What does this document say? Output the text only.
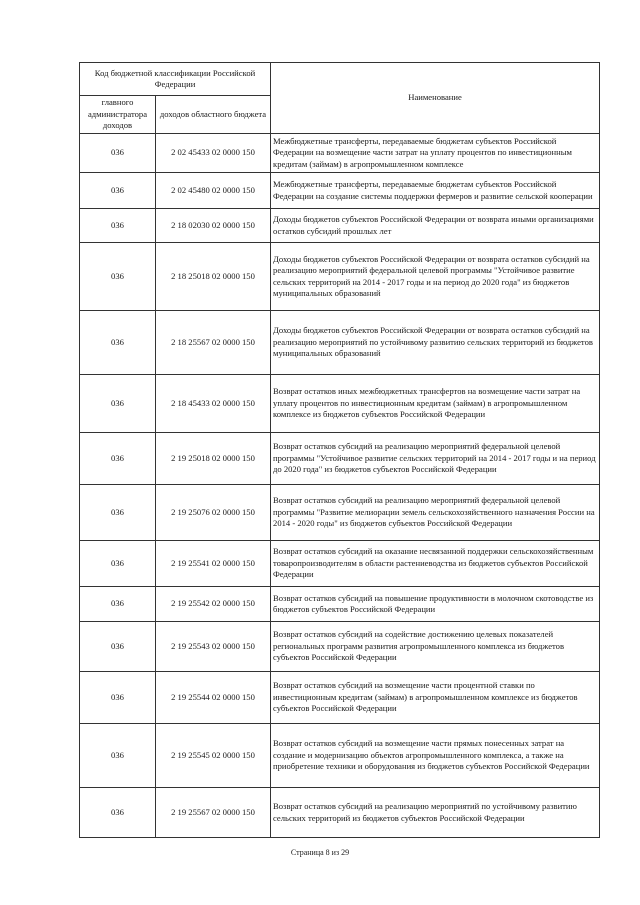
Код бюджетной классификации Российской Федерации		Наименование
главного администратора доходов	доходов областного бюджета	
036	2 02 45433 02 0000 150	Межбюджетные трансферты, передаваемые бюджетам субъектов Российской Федерации на возмещение части затрат на уплату процентов по инвестиционным кредитам (займам) в агропромышленном комплексе
036	2 02 45480 02 0000 150	Межбюджетные трансферты, передаваемые бюджетам субъектов Российской Федерации на создание системы поддержки фермеров и развитие сельской кооперации
036	2 18 02030 02 0000 150	Доходы бюджетов субъектов Российской Федерации от возврата иными организациями остатков субсидий прошлых лет
036	2 18 25018 02 0000 150	Доходы бюджетов субъектов Российской Федерации от возврата остатков субсидий на реализацию мероприятий федеральной целевой программы "Устойчивое развитие сельских территорий на 2014 - 2017 годы и на период до 2020 года" из бюджетов муниципальных образований
036	2 18 25567 02 0000 150	Доходы бюджетов субъектов Российской Федерации от возврата остатков субсидий на реализацию мероприятий по устойчивому развитию сельских территорий из бюджетов муниципальных образований
036	2 18 45433 02 0000 150	Возврат остатков иных межбюджетных трансфертов на возмещение части затрат на уплату процентов по инвестиционным кредитам (займам) в агропромышленном комплексе из бюджетов субъектов Российской Федерации
036	2 19 25018 02 0000 150	Возврат остатков субсидий на реализацию мероприятий федеральной целевой программы "Устойчивое развитие сельских территорий на 2014 - 2017 годы и на период до 2020 года" из бюджетов субъектов Российской Федерации
036	2 19 25076 02 0000 150	Возврат остатков субсидий на реализацию мероприятий федеральной целевой программы "Развитие мелиорации земель сельскохозяйственного назначения России на 2014 - 2020 годы" из бюджетов субъектов Российской Федерации
036	2 19 25541 02 0000 150	Возврат остатков субсидий на оказание несвязанной поддержки сельскохозяйственным товаропроизводителям в области растениеводства из бюджетов субъектов Российской Федерации
036	2 19 25542 02 0000 150	Возврат остатков субсидий на повышение продуктивности в молочном скотоводстве из бюджетов субъектов Российской Федерации
036	2 19 25543 02 0000 150	Возврат остатков субсидий на содействие достижению целевых показателей региональных программ развития агропромышленного комплекса из бюджетов субъектов Российской Федерации
036	2 19 25544 02 0000 150	Возврат остатков субсидий на возмещение части процентной ставки по инвестиционным кредитам (займам) в агропромышленном комплексе из бюджетов субъектов Российской Федерации
036	2 19 25545 02 0000 150	Возврат остатков субсидий на возмещение части прямых понесенных затрат на создание и модернизацию объектов агропромышленного комплекса, а также на приобретение техники и оборудования из бюджетов субъектов Российской Федерации
036	2 19 25567 02 0000 150	Возврат остатков субсидий на реализацию мероприятий по устойчивому развитию сельских территорий из бюджетов субъектов Российской Федерации
Страница 8 из 29
